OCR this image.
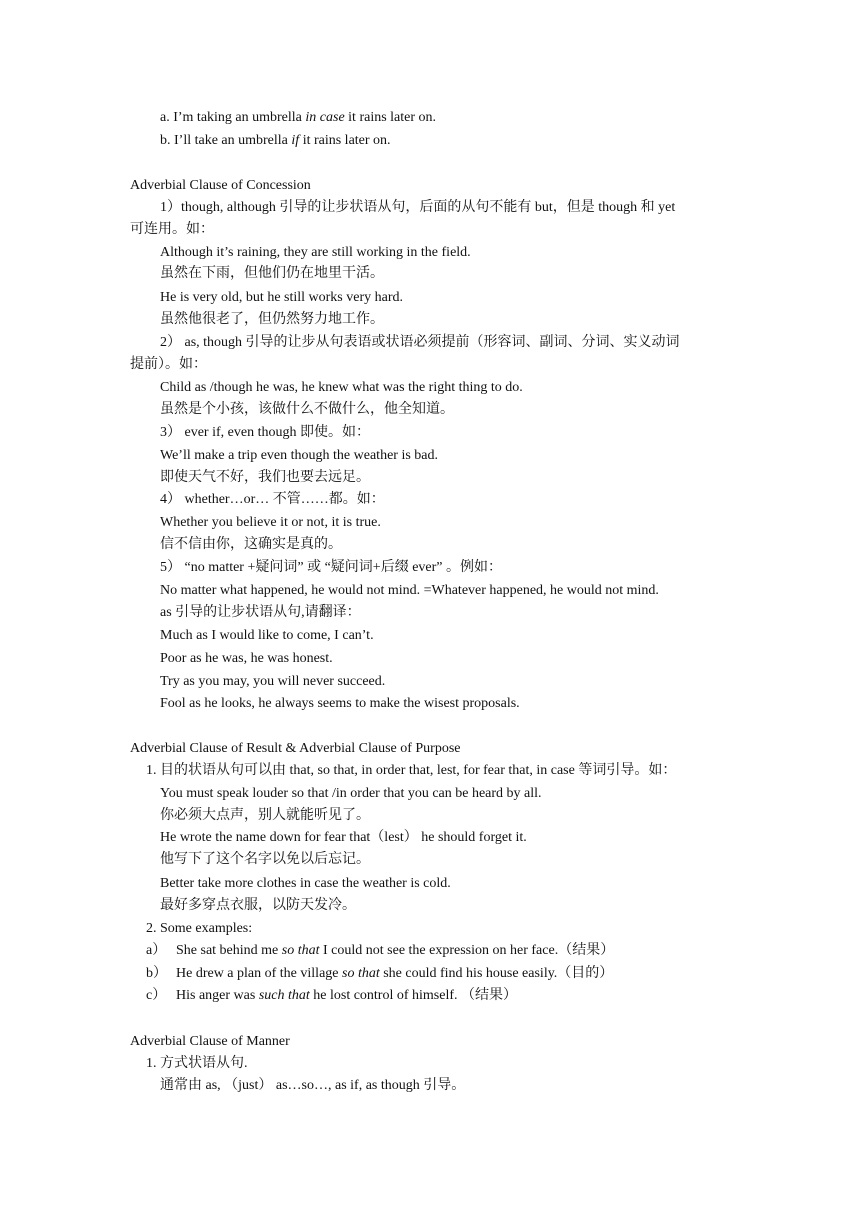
a. I’m taking an umbrella in case it rains later on.
b. I’ll take an umbrella if it rains later on.
Adverbial Clause of Concession
1）though, although 引导的让步状语从句，后面的从句不能有 but，但是 though 和 yet
可连用。如：
Although it’s raining, they are still working in the field.
虽然在下雨，但他们仍在地里干活。
He is very old, but he still works very hard.
虽然他很老了，但仍然努力地工作。
2） as, though 引导的让步从句表语或状语必须提前（形容词、副词、分词、实义动词
提前）。如：
Child as /though he was, he knew what was the right thing to do.
虽然是个小孩，该做什么不做什么，他全知道。
3） ever if, even though 即使。如：
We’ll make a trip even though the weather is bad.
即使天气不好，我们也要去远足。
4） whether…or… 不管……都。如：
Whether you believe it or not, it is true.
信不信由你，这确实是真的。
5） “no matter +疑问词” 或 “疑问词+后缀 ever” 。例如：
No matter what happened, he would not mind. =Whatever happened, he would not mind.
as 引导的让步状语从句,请翻译：
Much as I would like to come, I can’t.
Poor as he was, he was honest.
Try as you may, you will never succeed.
Fool as he looks, he always seems to make the wisest proposals.
Adverbial Clause of Result & Adverbial Clause of Purpose
1. 目的状语从句可以由 that, so that, in order that, lest, for fear that, in case 等词引导。如：
You must speak louder so that /in order that you can be heard by all.
你必须大点声，别人就能听见了。
He wrote the name down for fear that（lest） he should forget it.
他写下了这个名字以免以后忘记。
Better take more clothes in case the weather is cold.
最好多穿点衣服，以防天发冷。
2. Some examples:
a） She sat behind me so that I could not see the expression on her face.（结果）
b） He drew a plan of the village so that she could find his house easily.（目的）
c） His anger was such that he lost control of himself. （结果）
Adverbial Clause of Manner
1. 方式状语从句.
通常由 as, （just） as…so…, as if, as though 引导。
